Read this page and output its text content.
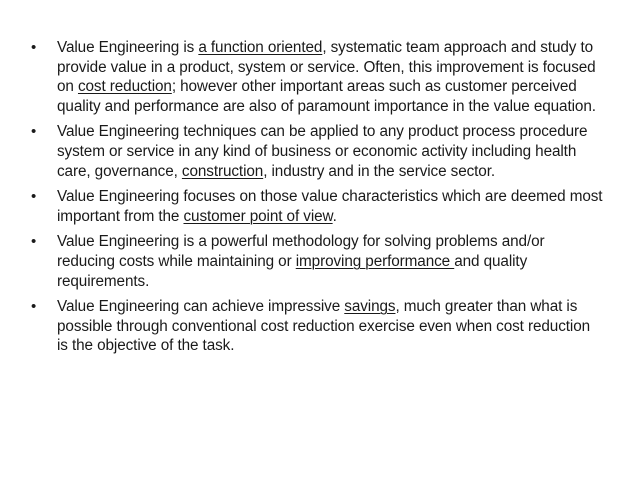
•	Value Engineering is a function oriented, systematic team approach and study to provide value in a product, system or service. Often, this improvement is focused on cost reduction; however other important areas such as customer perceived quality and performance are also of paramount importance in the value equation.
•	Value Engineering techniques can be applied to any product process procedure system or service in any kind of business or economic activity including health care, governance, construction, industry and in the service sector.
•	Value Engineering focuses on those value characteristics which are deemed most important from the customer point of view.
•	Value Engineering is a powerful methodology for solving problems and/or reducing costs while maintaining or improving performance and quality requirements.
•	Value Engineering can achieve impressive savings, much greater than what is possible through conventional cost reduction exercise even when cost reduction is the objective of the task.
